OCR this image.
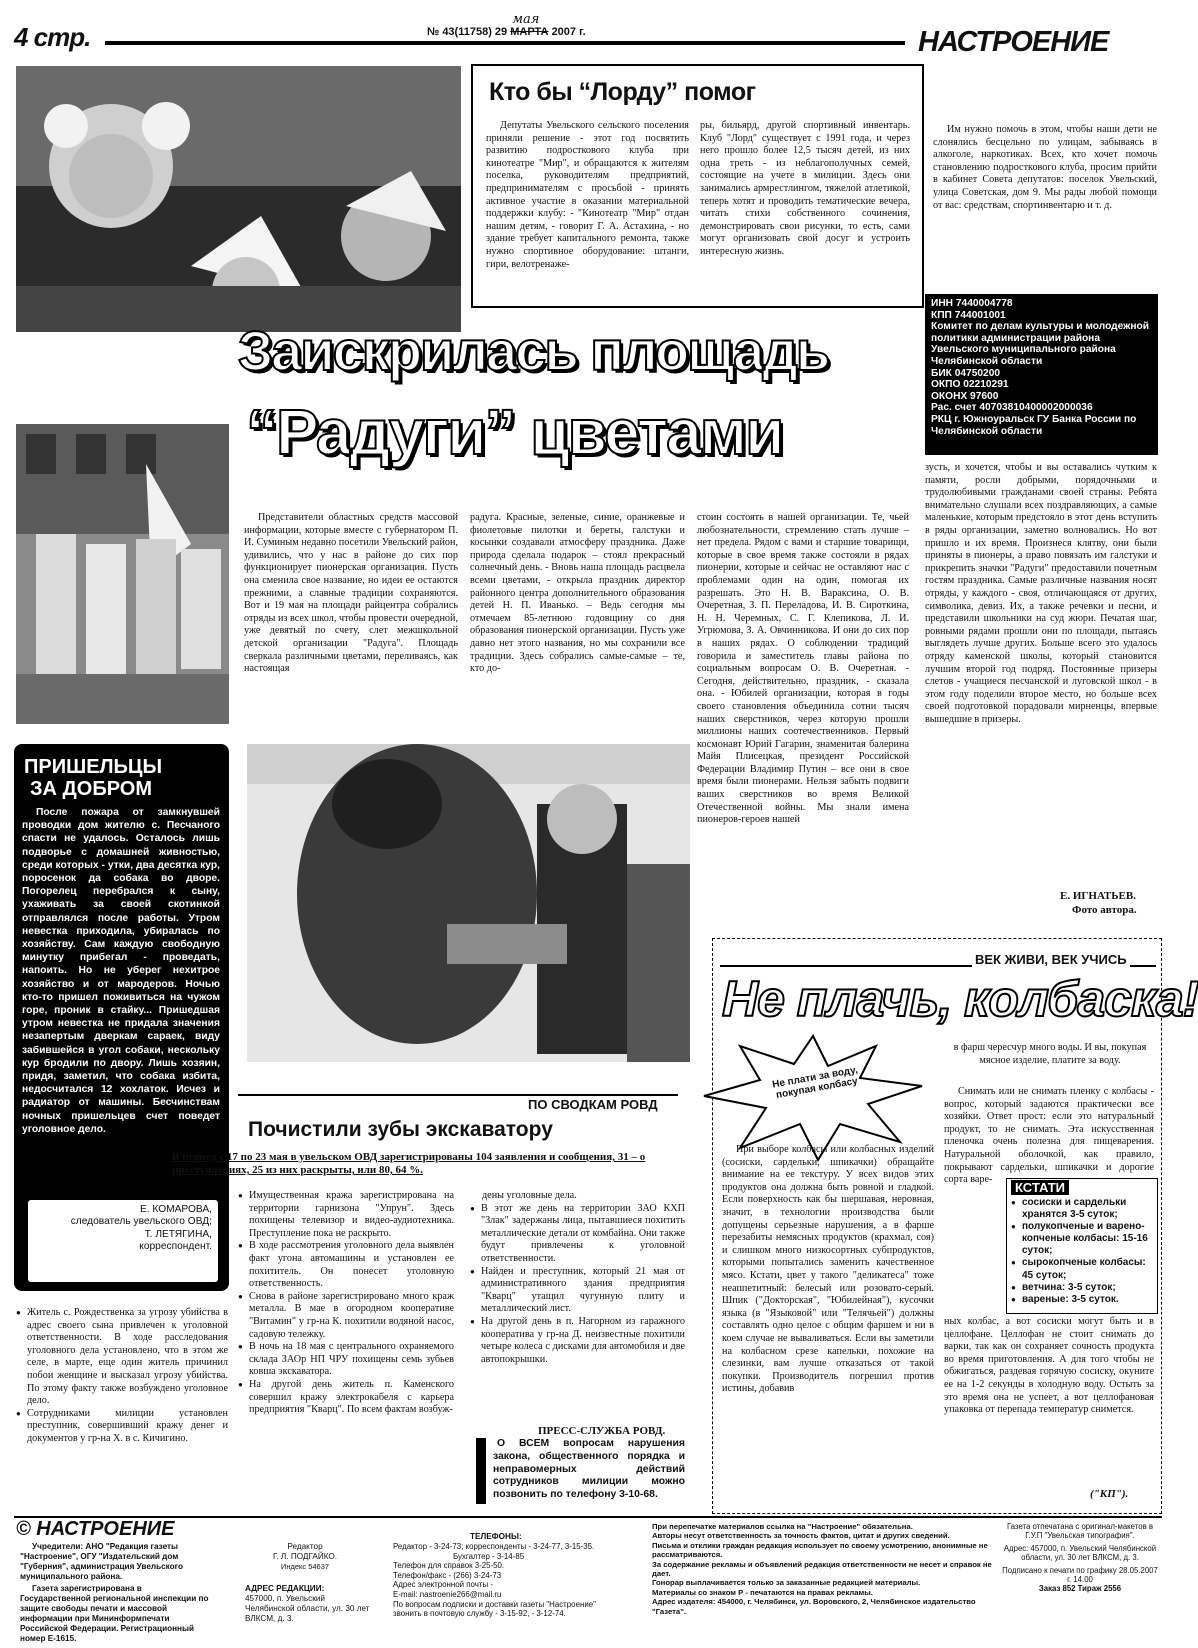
4 стр.	№ 43(11758) 29
мая
МАРТА 2007 г.	НАСТРОЕНИЕ
Кто бы “Лорду” помог
Депутаты Увельского сельского поселения приняли решение - этот год посвятить развитию подросткового клуба при кинотеатре "Мир", и обращаются к жителям поселка, руководителям предприятий, предпринимателям с просьбой - принять активное участие в оказании материальной поддержки клубу: - "Кинотеатр "Мир" отдан нашим детям, - говорит Г. А. Астахина, - но здание требует капитального ремонта, также нужно спортивное оборудование: штанги, гири, велотренаже-
ры, бильярд, другой спортивный инвентарь. Клуб "Лорд" существует с 1991 года, и через него прошло более 12,5 тысяч детей, из них одна треть - из неблагополучных семей, состоящие на учете в милиции. Здесь они занимались армрестлингом, тяжелой атлетикой, теперь хотят и проводить тематические вечера, читать стихи собственного сочинения, демонстрировать свои рисунки, то есть, сами могут организовать свой досуг и устроить интересную жизнь.
Им нужно помочь в этом, чтобы наши дети не слонялись бесцельно по улицам, забываясь в алкоголе, наркотиках. Всех, кто хочет помочь становлению подросткового клуба, просим прийти в кабинет Совета депутатов: поселок Увельский, улица Советская, дом 9. Мы рады любой помощи от вас: средствам, спортинвентарю и т. д.
ИНН 7440004778
КПП 744001001
Комитет по делам культуры и молодежной политики администрации района Увельского муниципального района Челябинской области
БИК 04750200
ОКПО 02210291
ОКОНХ 97600
Рас. счет 40703810400002000036
РКЦ г. Южноуральск ГУ Банка России по Челябинской области
Заискрилась площадь
“Радуги” цветами
Представители областных средств массовой информации, которые вместе с губернатором П. И. Суминым недавно посетили Увельский район, удивились, что у нас в районе до сих пор функционирует пионерская организация. Пусть она сменила свое название, но идеи ее остаются прежними, а славные традиции сохраняются. Вот и 19 мая на площади райцентра собрались отряды из всех школ, чтобы провести очередной, уже девятый по счету, слет межшкольной детской организации "Радуга". Площадь сверкала различными цветами, переливаясь, как настоящая
радуга. Красные, зеленые, синие, оранжевые и фиолетовые пилотки и береты, галстуки и косынки создавали атмосферу праздника. Даже природа сделала подарок – стоял прекрасный солнечный день. - Вновь наша площадь расцвела всеми цветами, - открыла праздник директор районного центра дополнительного образования детей Н. П. Иванько. – Ведь сегодня мы отмечаем 85-летнюю годовщину со дня образования пионерской организации. Пусть уже давно нет этого названия, но мы сохранили все традиции. Здесь собрались самые-самые – те, кто до-
стоин состоять в нашей организации. Те, чьей любознательности, стремлению стать лучше – нет предела. Рядом с вами и старшие товарищи, которые в свое время также состояли в рядах пионерии, которые и сейчас не оставляют нас с проблемами один на один, помогая их разрешать. Это Н. В. Вараксина, О. В. Очеретная, З. П. Переладова, И. В. Сироткина, Н. Н. Черемных, С. Г. Клепикова, Л. И. Угрюмова, З. А. Овчинникова. И они до сих пор в наших рядах. О соблюдении традиций говорила и заместитель главы района по социальным вопросам О. В. Очеретная. - Сегодня, действительно, праздник, - сказала она. - Юбилей организации, которая в годы своего становления объединила сотни тысяч наших сверстников, через которую прошли миллионы наших соотечественников. Первый космонавт Юрий Гагарин, знаменитая балерина Майя Плисецкая, президент Российской Федерации Владимир Путин – все они в свое время были пионерами. Нельзя забыть подвиги ваших сверстников во время Великой Отечественной войны. Мы знали имена пионеров-героев нашей
зусть, и хочется, чтобы и вы оставались чутким к памяти, росли добрыми, порядочными и трудолюбивыми гражданами своей страны. Ребята внимательно слушали всех поздравляющих, а самые маленькие, которым предстояло в этот день вступить в ряды организации, заметно волновались. Но вот пришло и их время. Произнеся клятву, они были приняты в пионеры, а право повязать им галстуки и прикрепить значки "Радуги" предоставили почетным гостям праздника. Самые различные названия носят отряды, у каждого - своя, отличающаяся от других, символика, девиз. Их, а также речевки и песни, и представили школьники на суд жюри. Печатая шаг, ровными рядами прошли они по площади, пытаясь выглядеть лучше других. Больше всего это удалось отряду каменской школы, который становится лучшим второй год подряд. Постоянные призеры слетов - учащиеся песчанской и луговской школ - в этом году поделили второе место, но больше всех своей подготовкой порадовали мирненцы, впервые вышедшие в призеры.
Е. ИГНАТЬЕВ.
Фото автора.
ПРИШЕЛЬЦЫ
ЗА ДОБРОМ
После пожара от замкнувшей проводки дом жителю с. Песчаного спасти не удалось. Осталось лишь подворье с домашней живностью, среди которых - утки, два десятка кур, поросенок да собака во дворе. Погорелец перебрался к сыну, ухаживать за своей скотинкой отправлялся после работы. Утром невестка приходила, убиралась по хозяйству. Сам каждую свободную минутку прибегал - проведать, напоить. Но не уберег нехитрое хозяйство и от мародеров. Ночью кто-то пришел поживиться на чужом горе, проник в стайку... Пришедшая утром невестка не придала значения незапертым дверкам сараек, виду забившейся в угол собаки, нескольку кур бродили по двору. Лишь хозяин, придя, заметил, что собака избита, недосчитался 12 хохлаток. Исчез и радиатор от машины. Бесчинствам ночных пришельцев счет поведет уголовное дело.
Е. КОМАРОВА,
следователь увельского ОВД;
Т. ЛЕТЯГИНА,
корреспондент.
ПО СВОДКАМ РОВД
Почистили зубы экскаватору
В период с 17 по 23 мая в увельском ОВД зарегистрированы 104 заявления и сообщения, 31 – о преступлениях, 25 из них раскрыты, или 80, 64 %.
● Житель с. Рождественка за угрозу убийства в адрес своего сына привлечен к уголовной ответственности. В ходе расследования уголовного дела установлено, что в этом же селе, в марте, еще один житель причинил побои женщине и высказал угрозу убийства. По этому факту также возбуждено уголовное дело.
● Сотрудниками милиции установлен преступник, совершивший кражу денег и документов у гр-на Х. в с. Кичигино.
● Имущественная кража зарегистрирована на территории гарнизона "Упрун". Здесь похищены телевизор и видео-аудиотехника. Преступление пока не раскрыто.
● В ходе рассмотрения уголовного дела выявлен факт угона автомашины и установлен ее похититель. Он понесет уголовную ответственность.
● Снова в районе зарегистрировано много краж металла. В мае в огородном кооперативе "Витамин" у гр-на К. похитили водяной насос, садовую тележку.
● В ночь на 18 мая с центрального охраняемого склада ЗАОр НП ЧРУ похищены семь зубьев ковша экскаватора.
● На другой день житель п. Каменского совершил кражу электрокабеля с карьера предприятия "Кварц". По всем фактам возбуж-
дены уголовные дела.
● В этот же день на территории ЗАО КХП "Злак" задержаны лица, пытавшиеся похитить металлические детали от комбайна. Они также будут привлечены к уголовной ответственности.
● Найден и преступник, который 21 мая от административного здания предприятия "Кварц" утащил чугунную плиту и металлический лист.
● На другой день в п. Нагорном из гаражного кооператива у гр-на Д. неизвестные похитили четыре колеса с дисками для автомобиля и две автопокрышки.
ПРЕСС-СЛУЖБА РОВД.
О ВСЕМ вопросам нарушения закона, общественного порядка и неправомерных действий сотрудников милиции можно позвонить по телефону 3-10-68.
ВЕК ЖИВИ, ВЕК УЧИСЬ
Не плачь, колбаска!
Не плати за воду, покупая колбасу
в фарш чересчур много воды. И вы, покупая мясное изделие, платите за воду.
Снимать или не снимать пленку с колбасы - вопрос, который задаются практически все хозяйки. Ответ прост: если это натуральный продукт, то не снимать. Эта искусственная пленочка очень полезна для пищеварения. Натуральной оболочкой, как правило, покрывают сардельки, шпикачки и дорогие сорта варе-
При выборе колбасы или колбасных изделий (сосиски, сардельки, шпикачки) обращайте внимание на ее текстуру. У всех видов этих продуктов она должна быть ровной и гладкой. Если поверхность как бы шершавая, неровная, значит, в технологии производства были допущены серьезные нарушения, а в фарше перезабиты немясных продуктов (крахмал, соя) и слишком много низкосортных субпродуктов, которыми попытались заменить качественное мясо. Кстати, цвет у такого "деликатеса" тоже неаппетитный: белесый или розовато-серый. Шпик ("Докторская", "Юбилейная"), кусочки языка (в "Языковой" или "Телячьей") должны составлять одно целое с общим фаршем и ни в коем случае не вываливаться. Если вы заметили на колбасном срезе капельки, похожие на слезинки, вам лучше отказаться от такой покупки. Производитель погрешил против истины, добавив
ных колбас, а вот сосиски могут быть и в целлофане. Целлофан не стоит снимать до варки, так как он сохраняет сочность продукта во время приготовления. А для того чтобы не обжигаться, раздевая горячую сосиску, окуните ее на 1-2 секунды в холодную воду. Остыть за это время она не успеет, а вот целлофановая упаковка от перепада температур снимется.
("КП").
КСТАТИ
● сосиски и сардельки хранятся 3-5 суток;
● полукопченые и варено-копченые колбасы: 15-16 суток;
● сырокопченые колбасы: 45 суток;
● ветчина: 3-5 суток;
● вареные: 3-5 суток.
© НАСТРОЕНИЕ
Учредители: АНО "Редакция газеты "Настроение", ОГУ "Издательский дом "Губерния", администрация Увельского муниципального района.
Газета зарегистрирована в Государственной региональной инспекции по защите свободы печати и массовой информации при Мининформпечати Российской Федерации. Регистрационный номер Е-1615.
Редактор
Г. Л. ПОДГАЙКО.
Индекс 54637
АДРЕС РЕДАКЦИИ:
457000, п. Увельский Челябинской области, ул. 30 лет ВЛКСМ, д. 3.
ТЕЛЕФОНЫ:
Редактор - 3-24-73; корреспонденты - 3-24-77, 3-15-35.
Бухгалтер - 3-14-85
Телефон для справок 3-25-50.
Телефон/факс - (266) 3-24-73
Адрес электронной почты -
E-mail: nastroenie266@mail.ru
По вопросам подписки и доставки газеты "Настроение"
звонить в почтовую службу - 3-15-92, - 3-12-74.
При перепечатке материалов ссылка на "Настроение" обязательна.
Авторы несут ответственность за точность фактов, цитат и других сведений.
Письма и отклики граждан редакция использует по своему усмотрению, анонимные не рассматриваются.
За содержание рекламы и объявлений редакция ответственности не несет и справок не дает.
Гонорар выплачивается только за заказанные редакцией материалы.
Материалы со знаком Р - печатаются на правах рекламы.
Адрес издателя: 454000, г. Челябинск, ул. Воровского, 2, Челябинское издательство "Газета".
Газета отпечатана с оригинал-макетов в Г.У.П "Увельская типография".
Адрес: 457000, п. Увельский Челябинской области, ул. 30 лет ВЛКСМ, д. 3.
Подписано к печати по графику 28.05.2007 г. 14.00
Заказ 852 Тираж 2556
